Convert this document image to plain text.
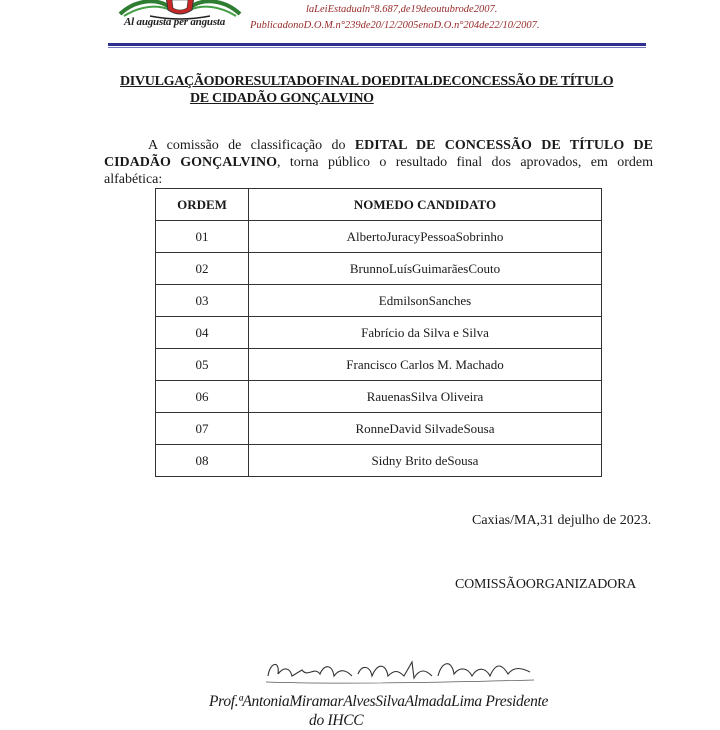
Al augusta per angusta
laLeiEstadualn°8.687,de19deoutubrode2007.
PublicadonoD.O.M.n°239de20/12/2005enoD.O.n°204de22/10/2007.
DIVULGAÇÃODORESULTADOFINAL DOEDITALDECONCESSÃO DE TÍTULO
DE CIDADÃO GONÇALVINO
A comissão de classificação do EDITAL DE CONCESSÃO DE TÍTULO DE CIDADÃO GONÇALVINO, torna público o resultado final dos aprovados, em ordem alfabética:
ORDEM	NOMEDO CANDIDATO
01	AlbertoJuracyPessoaSobrinho
02	BrunnoLuísGuimarãesCouto
03	EdmilsonSanches
04	Fabrício da Silva e Silva
05	Francisco Carlos M. Machado
06	RauenasSilva Oliveira
07	RonneDavid SilvadeSousa
08	Sidny Brito deSousa
Caxias/MA,31 dejulho de 2023.
COMISSÃOORGANIZADORA
Prof.ªAntoniaMiramarAlvesSilvaAlmadaLima Presidente
do IHCC
